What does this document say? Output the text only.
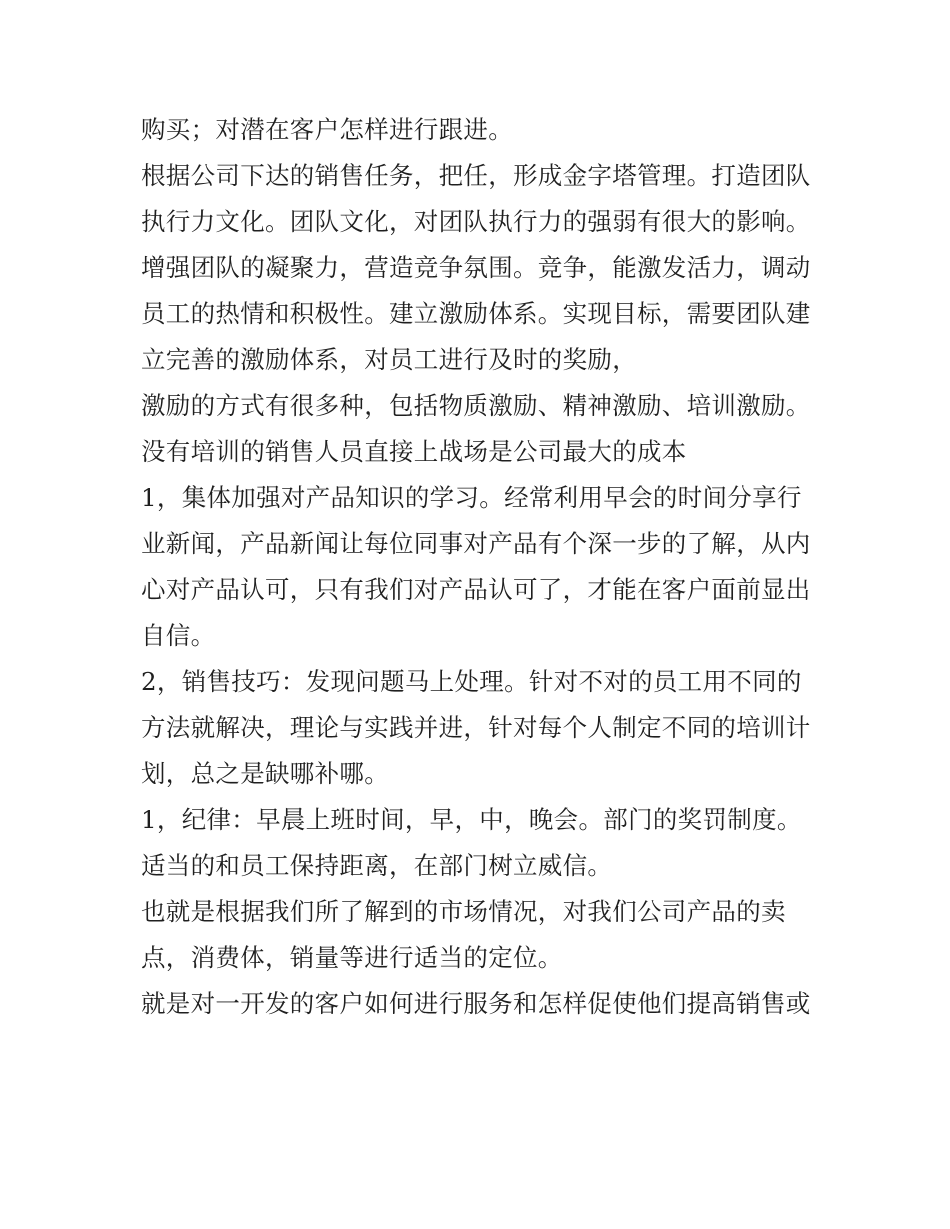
购买；对潜在客户怎样进行跟进。
根据公司下达的销售任务，把任，形成金字塔管理。打造团队
执行力文化。团队文化，对团队执行力的强弱有很大的影响。
增强团队的凝聚力，营造竞争氛围。竞争，能激发活力，调动
员工的热情和积极性。建立激励体系。实现目标，需要团队建
立完善的激励体系，对员工进行及时的奖励，
激励的方式有很多种，包括物质激励、精神激励、培训激励。
没有培训的销售人员直接上战场是公司最大的成本
1，集体加强对产品知识的学习。经常利用早会的时间分享行
业新闻，产品新闻让每位同事对产品有个深一步的了解，从内
心对产品认可，只有我们对产品认可了，才能在客户面前显出
自信。
2，销售技巧：发现问题马上处理。针对不对的员工用不同的
方法就解决，理论与实践并进，针对每个人制定不同的培训计
划，总之是缺哪补哪。
1，纪律：早晨上班时间，早，中，晚会。部门的奖罚制度。
适当的和员工保持距离，在部门树立威信。
也就是根据我们所了解到的市场情况，对我们公司产品的卖
点，消费体，销量等进行适当的定位。
就是对一开发的客户如何进行服务和怎样促使他们提高销售或
